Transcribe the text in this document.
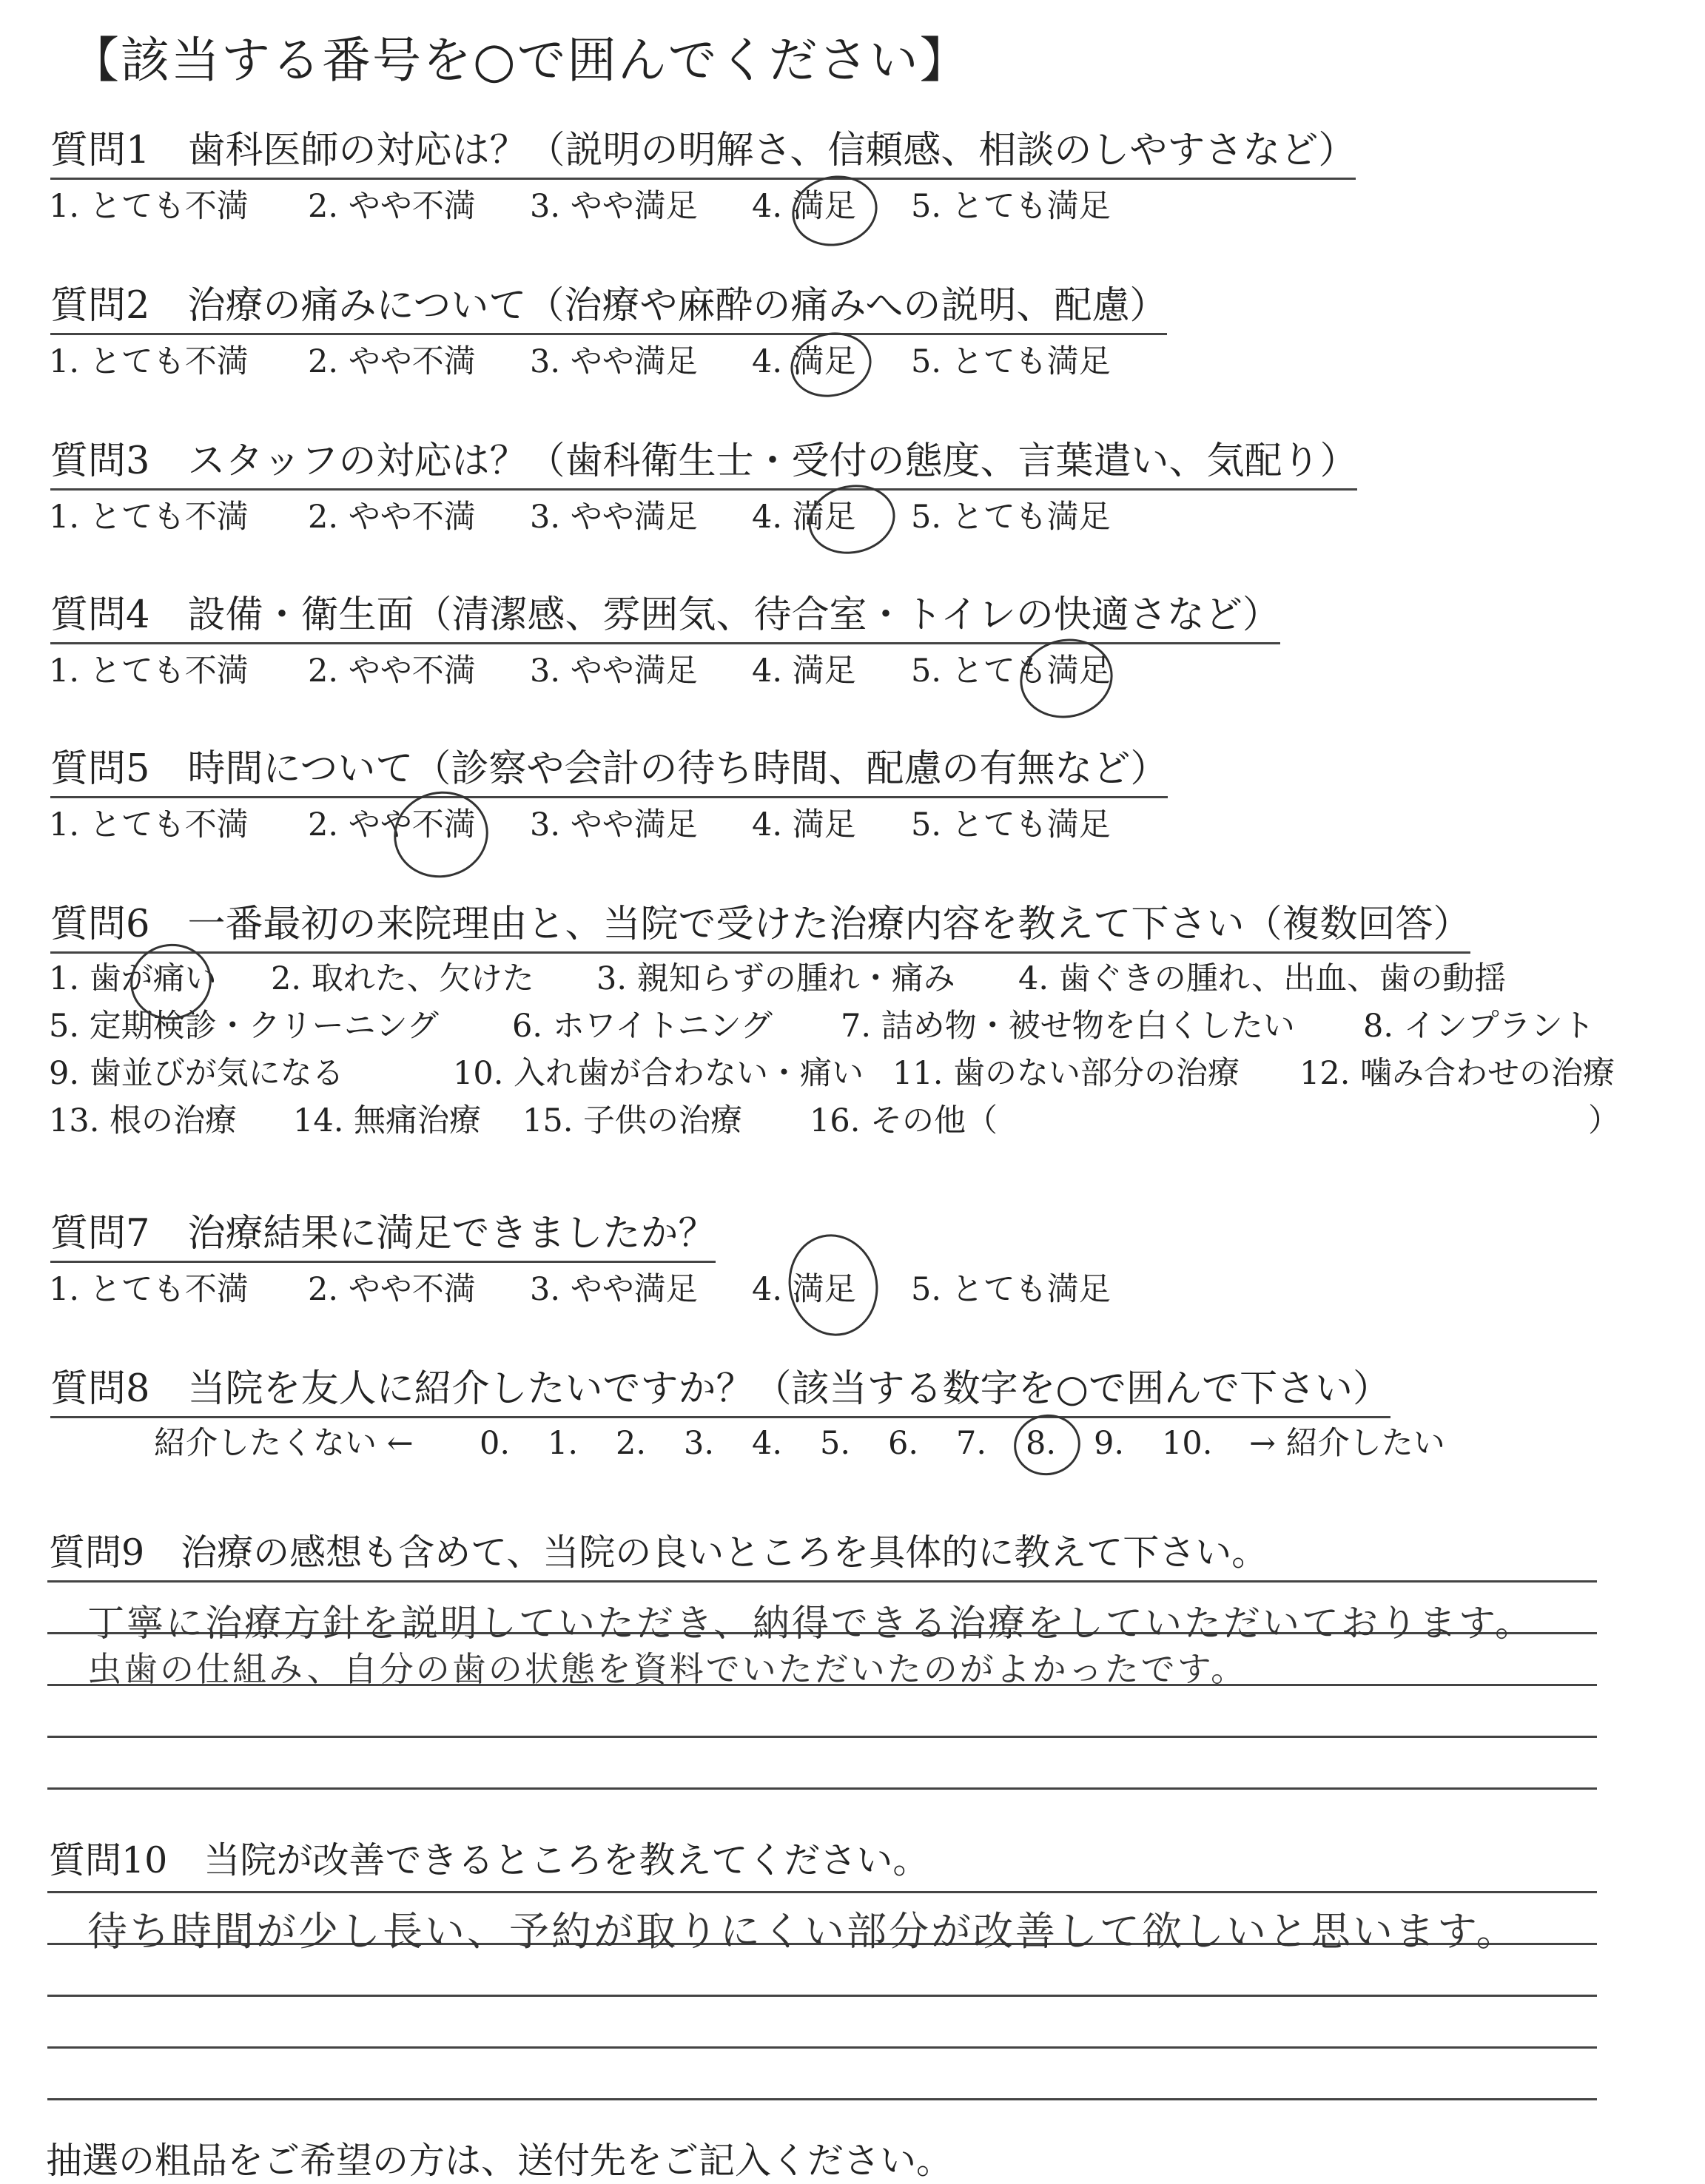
【該当する番号を○で囲んでください】
質問1　歯科医師の対応は？（説明の明解さ、信頼感、相談のしやすさなど）
1. とても不満 2. やや不満 3. やや満足 4. 満足 5. とても満足
質問2　治療の痛みについて（治療や麻酔の痛みへの説明、配慮）
1. とても不満 2. やや不満 3. やや満足 4. 満足 5. とても満足
質問3　スタッフの対応は？（歯科衛生士・受付の態度、言葉遣い、気配り）
1. とても不満 2. やや不満 3. やや満足 4. 満足 5. とても満足
質問4　設備・衛生面（清潔感、雰囲気、待合室・トイレの快適さなど）
1. とても不満 2. やや不満 3. やや満足 4. 満足 5. とても満足
質問5　時間について（診察や会計の待ち時間、配慮の有無など）
1. とても不満 2. やや不満 3. やや満足 4. 満足 5. とても満足
質問6　一番最初の来院理由と、当院で受けた治療内容を教えて下さい（複数回答）
1. 歯が痛い 2. 取れた、欠けた 3. 親知らずの腫れ・痛み 4. 歯ぐきの腫れ、出血、歯の動揺
5. 定期検診・クリーニング 6. ホワイトニング 7. 詰め物・被せ物を白くしたい 8. インプラント
9. 歯並びが気になる	10. 入れ歯が合わない・痛い 11. 歯のない部分の治療 12. 噛み合わせの治療
13. 根の治療 14. 無痛治療 15. 子供の治療 16. その他（	）
質問7　治療結果に満足できましたか？
1. とても不満 2. やや不満 3. やや満足 4. 満足 5. とても満足
質問8　当院を友人に紹介したいですか？（該当する数字を○で囲んで下さい）
紹介したくない ← 0. 1. 2. 3. 4. 5. 6. 7. 8. 9. 10. → 紹介したい
質問9　治療の感想も含めて、当院の良いところを具体的に教えて下さい。
丁寧に治療方針を説明していただき、納得できる治療をしていただいております。
虫歯の仕組み、自分の歯の状態を資料でいただいたのがよかったです。
質問10　当院が改善できるところを教えてください。
待ち時間が少し長い、予約が取りにくい部分が改善して欲しいと思います。
抽選の粗品をご希望の方は、送付先をご記入ください。
